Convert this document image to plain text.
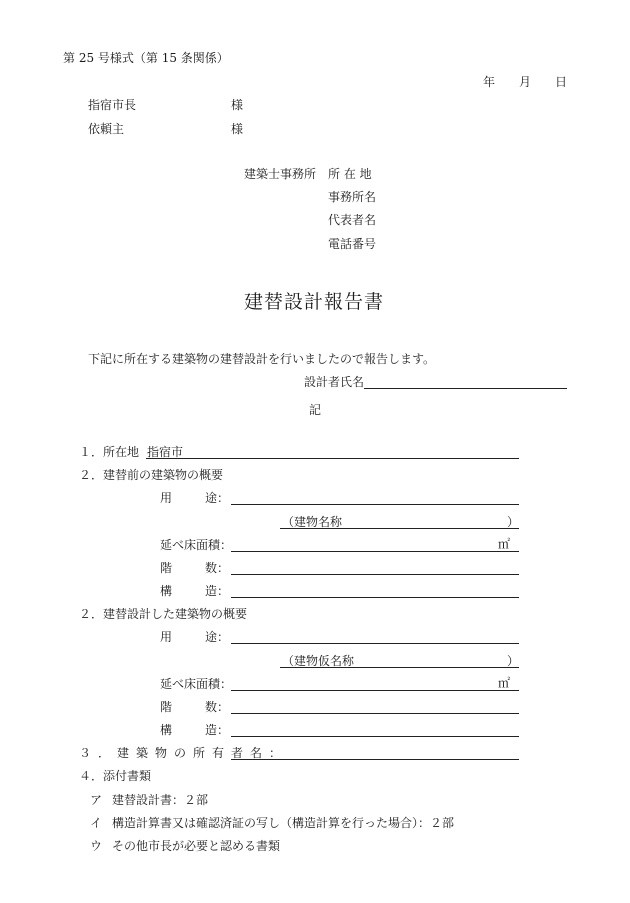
第 25 号様式（第 15 条関係）
年 月 日
指宿市長	様
依頼主	様
建築士事務所 所 在 地
事務所名
代表者名
電話番号
建替設計報告書
下記に所在する建築物の建替設計を行いましたので報告します。
設計者氏名
記
１．所在地 指宿市
２．建替前の建築物の概要
用	途：
（建物名称	）
延べ床面積：	㎡
階	数：
構	造：
２．建替設計した建築物の概要
用	途：
（建物仮名称	）
延べ床面積：	㎡
階	数：
構	造：
３．建築物の所有者名：
４．添付書類
ア 建替設計書：２部
イ 構造計算書又は確認済証の写し（構造計算を行った場合）：２部
ウ その他市長が必要と認める書類
